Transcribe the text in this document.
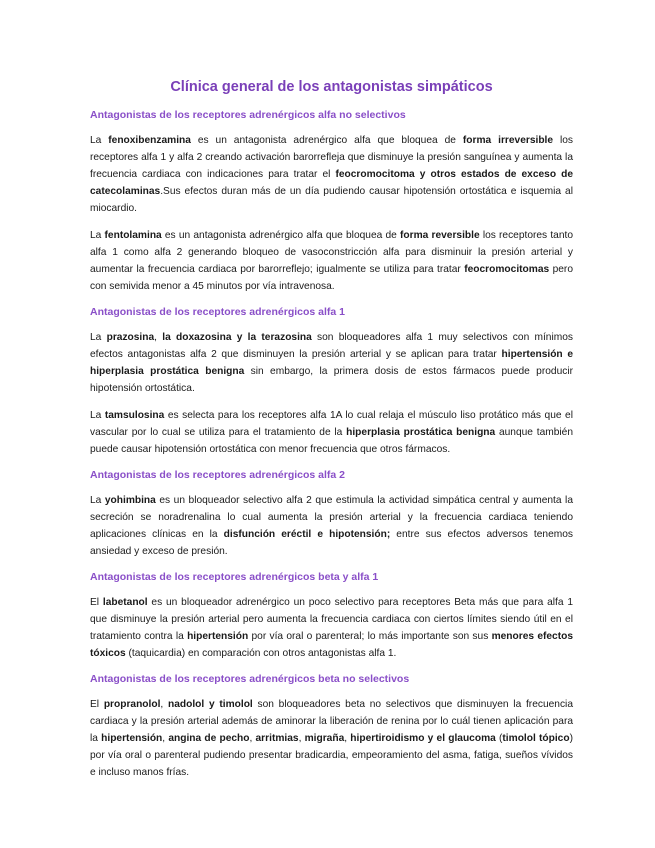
Clínica general de los antagonistas simpáticos
Antagonistas de los receptores adrenérgicos alfa no selectivos

La fenoxibenzamina es un antagonista adrenérgico alfa que bloquea de forma irreversible los receptores alfa 1 y alfa 2 creando activación barorrefleja que disminuye la presión sanguínea y aumenta la frecuencia cardiaca con indicaciones para tratar el feocromocitoma y otros estados de exceso de catecolaminas.Sus efectos duran más de un día pudiendo causar hipotensión ortostática e isquemia al miocardio.

La fentolamina es un antagonista adrenérgico alfa que bloquea de forma reversible los receptores tanto alfa 1 como alfa 2 generando bloqueo de vasoconstricción alfa para disminuir la presión arterial y aumentar la frecuencia cardiaca por barorreflejo; igualmente se utiliza para tratar feocromocitomas pero con semivida menor a 45 minutos por vía intravenosa.

Antagonistas de los receptores adrenérgicos alfa 1

La prazosina, la doxazosina y la terazosina son bloqueadores alfa 1 muy selectivos con mínimos efectos antagonistas alfa 2 que disminuyen la presión arterial y se aplican para tratar hipertensión e hiperplasia prostática benigna sin embargo, la primera dosis de estos fármacos puede producir hipotensión ortostática.

La tamsulosina es selecta para los receptores alfa 1A lo cual relaja el músculo liso protático más que el vascular por lo cual se utiliza para el tratamiento de la hiperplasia prostática benigna aunque también puede causar hipotensión ortostática con menor frecuencia que otros fármacos.

Antagonistas de los receptores adrenérgicos alfa 2

La yohimbina es un bloqueador selectivo alfa 2 que estimula la actividad simpática central y aumenta la secreción se noradrenalina lo cual aumenta la presión arterial y la frecuencia cardiaca teniendo aplicaciones clínicas en la disfunción eréctil e hipotensión; entre sus efectos adversos tenemos ansiedad y exceso de presión.

Antagonistas de los receptores adrenérgicos beta y alfa 1

El labetanol es un bloqueador adrenérgico un poco selectivo para receptores Beta más que para alfa 1 que disminuye la presión arterial pero aumenta la frecuencia cardiaca con ciertos límites siendo útil en el tratamiento contra la hipertensión por vía oral o parenteral; lo más importante son sus menores efectos tóxicos (taquicardia) en comparación con otros antagonistas alfa 1.

Antagonistas de los receptores adrenérgicos beta no selectivos

El propranolol, nadolol y timolol son bloqueadores beta no selectivos que disminuyen la frecuencia cardiaca y la presión arterial además de aminorar la liberación de renina por lo cuál tienen aplicación para la hipertensión, angina de pecho, arritmias, migraña, hipertiroidismo y el glaucoma (timolol tópico) por vía oral o parenteral pudiendo presentar bradicardia, empeoramiento del asma, fatiga, sueños vívidos e incluso manos frías.
